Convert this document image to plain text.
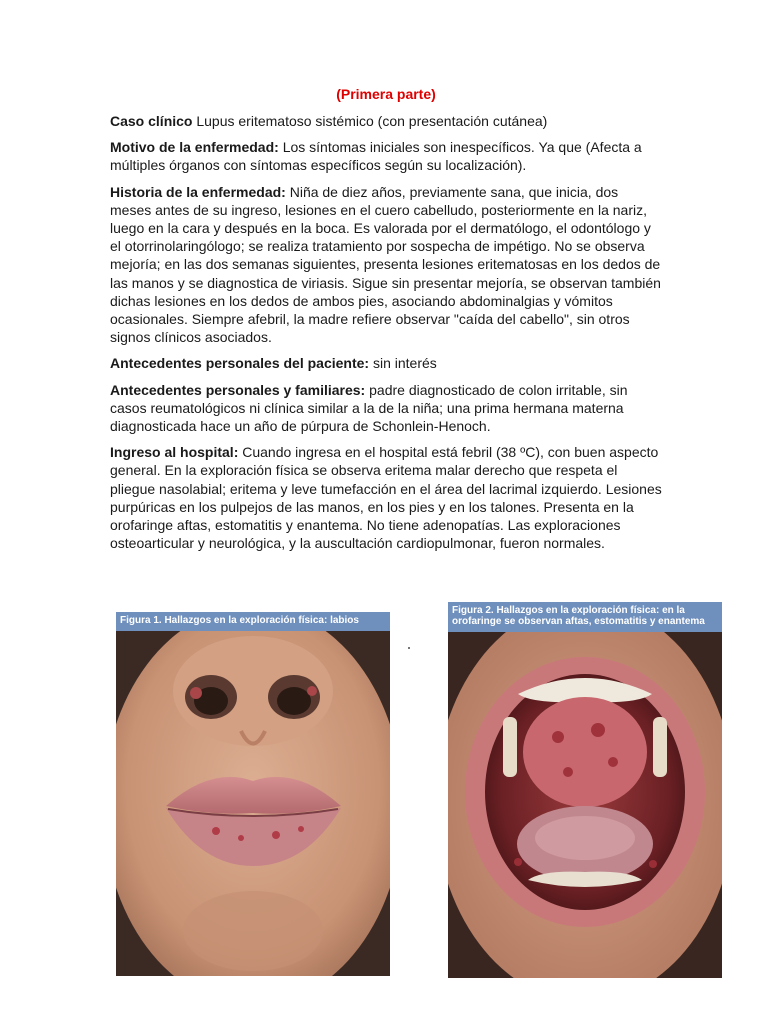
(Primera parte)

Caso clínico Lupus eritematoso sistémico (con presentación cutánea)

Motivo de la enfermedad: Los síntomas iniciales son inespecíficos. Ya que (Afecta a múltiples órganos con síntomas específicos según su localización).

Historia de la enfermedad: Niña de diez años, previamente sana, que inicia, dos meses antes de su ingreso, lesiones en el cuero cabelludo, posteriormente en la nariz, luego en la cara y después en la boca. Es valorada por el dermatólogo, el odontólogo y el otorrinolaringólogo; se realiza tratamiento por sospecha de impétigo. No se observa mejoría; en las dos semanas siguientes, presenta lesiones eritematosas en los dedos de las manos y se diagnostica de viriasis. Sigue sin presentar mejoría, se observan también dichas lesiones en los dedos de ambos pies, asociando abdominalgias y vómitos ocasionales. Siempre afebril, la madre refiere observar "caída del cabello", sin otros signos clínicos asociados.

Antecedentes personales del paciente: sin interés

Antecedentes personales y familiares: padre diagnosticado de colon irritable, sin casos reumatológicos ni clínica similar a la de la niña; una prima hermana materna diagnosticada hace un año de púrpura de Schonlein-Henoch.

Ingreso al hospital: Cuando ingresa en el hospital está febril (38 ºC), con buen aspecto general. En la exploración física se observa eritema malar derecho que respeta el pliegue nasolabial; eritema y leve tumefacción en el área del lacrimal izquierdo. Lesiones purpúricas en los pulpejos de las manos, en los pies y en los talones. Presenta en la orofaringe aftas, estomatitis y enantema. No tiene adenopatías. Las exploraciones osteoarticular y neurológica, y la auscultación cardiopulmonar, fueron normales.

Figura 1. Hallazgos en la exploración física: labios
Figura 2. Hallazgos en la exploración física: en la orofaringe se observan aftas, estomatitis y enantema
